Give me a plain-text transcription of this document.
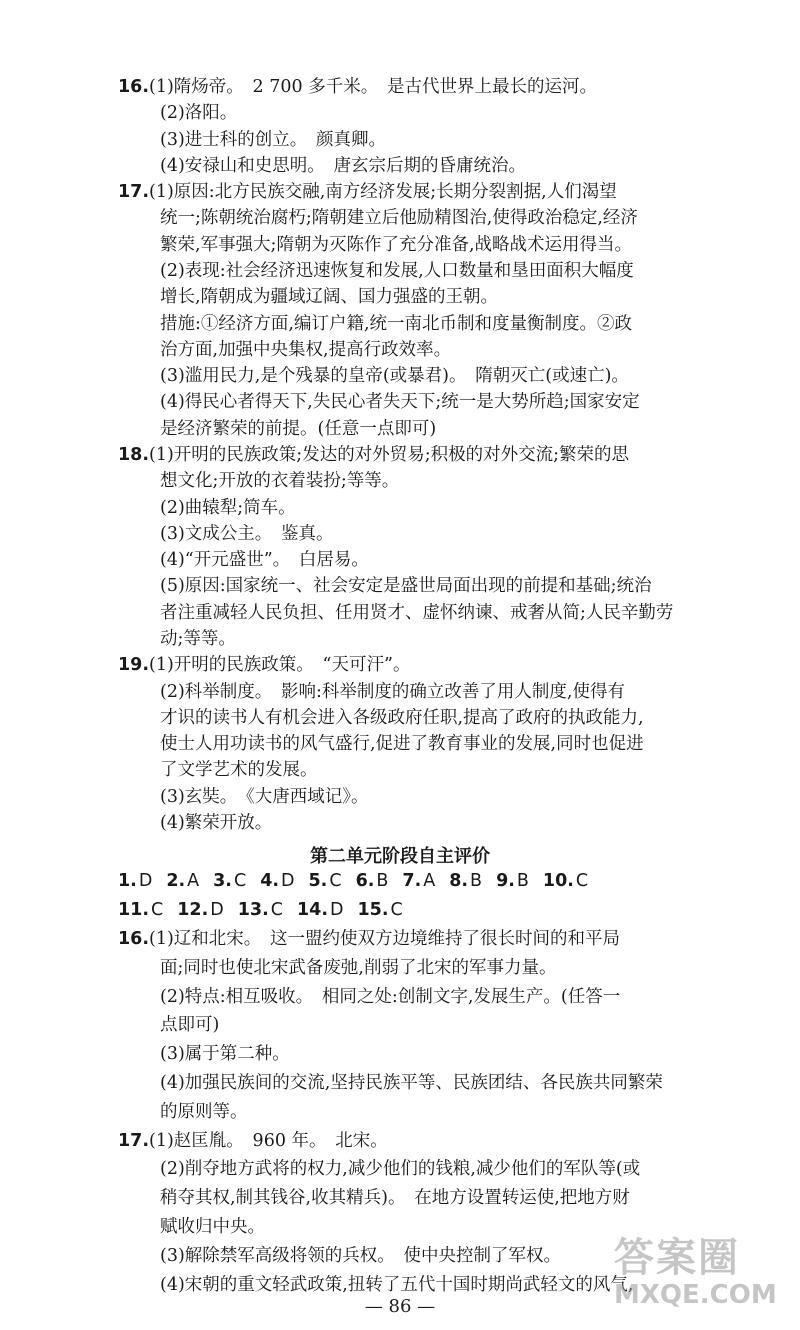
16.(1)隋炀帝。　2 700 多千米。　是古代世界上最长的运河。
(2)洛阳。
(3)进士科的创立。　颜真卿。
(4)安禄山和史思明。　唐玄宗后期的昏庸统治。
17.(1)原因:北方民族交融,南方经济发展;长期分裂割据,人们渴望
统一;陈朝统治腐朽;隋朝建立后他励精图治,使得政治稳定,经济
繁荣,军事强大;隋朝为灭陈作了充分准备,战略战术运用得当。
(2)表现:社会经济迅速恢复和发展,人口数量和垦田面积大幅度
增长,隋朝成为疆域辽阔、国力强盛的王朝。
措施:①经济方面,编订户籍,统一南北币制和度量衡制度。②政
治方面,加强中央集权,提高行政效率。
(3)滥用民力,是个残暴的皇帝(或暴君)。　隋朝灭亡(或速亡)。
(4)得民心者得天下,失民心者失天下;统一是大势所趋;国家安定
是经济繁荣的前提。(任意一点即可)
18.(1)开明的民族政策;发达的对外贸易;积极的对外交流;繁荣的思
想文化;开放的衣着装扮;等等。
(2)曲辕犁;筒车。
(3)文成公主。　鉴真。
(4)“开元盛世”。　白居易。
(5)原因:国家统一、社会安定是盛世局面出现的前提和基础;统治
者注重减轻人民负担、任用贤才、虚怀纳谏、戒奢从简;人民辛勤劳
动;等等。
19.(1)开明的民族政策。　“天可汗”。
(2)科举制度。　影响:科举制度的确立改善了用人制度,使得有
才识的读书人有机会进入各级政府任职,提高了政府的执政能力,
使士人用功读书的风气盛行,促进了教育事业的发展,同时也促进
了文学艺术的发展。
(3)玄奘。　《大唐西域记》。
(4)繁荣开放。
第二单元阶段自主评价
1. D 2. A 3. C 4. D 5. C 6. B 7. A 8. B 9. B 10. C
11. C 12. D 13. C 14. D 15. C
16.(1)辽和北宋。　这一盟约使双方边境维持了很长时间的和平局
面;同时也使北宋武备废弛,削弱了北宋的军事力量。
(2)特点:相互吸收。　相同之处:创制文字,发展生产。(任答一
点即可)
(3)属于第二种。
(4)加强民族间的交流,坚持民族平等、民族团结、各民族共同繁荣
的原则等。
17.(1)赵匡胤。　960 年。　北宋。
(2)削夺地方武将的权力,减少他们的钱粮,减少他们的军队等(或
稍夺其权,制其钱谷,收其精兵)。　在地方设置转运使,把地方财
赋收归中央。
(3)解除禁军高级将领的兵权。　使中央控制了军权。
(4)宋朝的重文轻武政策,扭转了五代十国时期尚武轻文的风气,
— 86 —
答案圈
MXQE.COM
